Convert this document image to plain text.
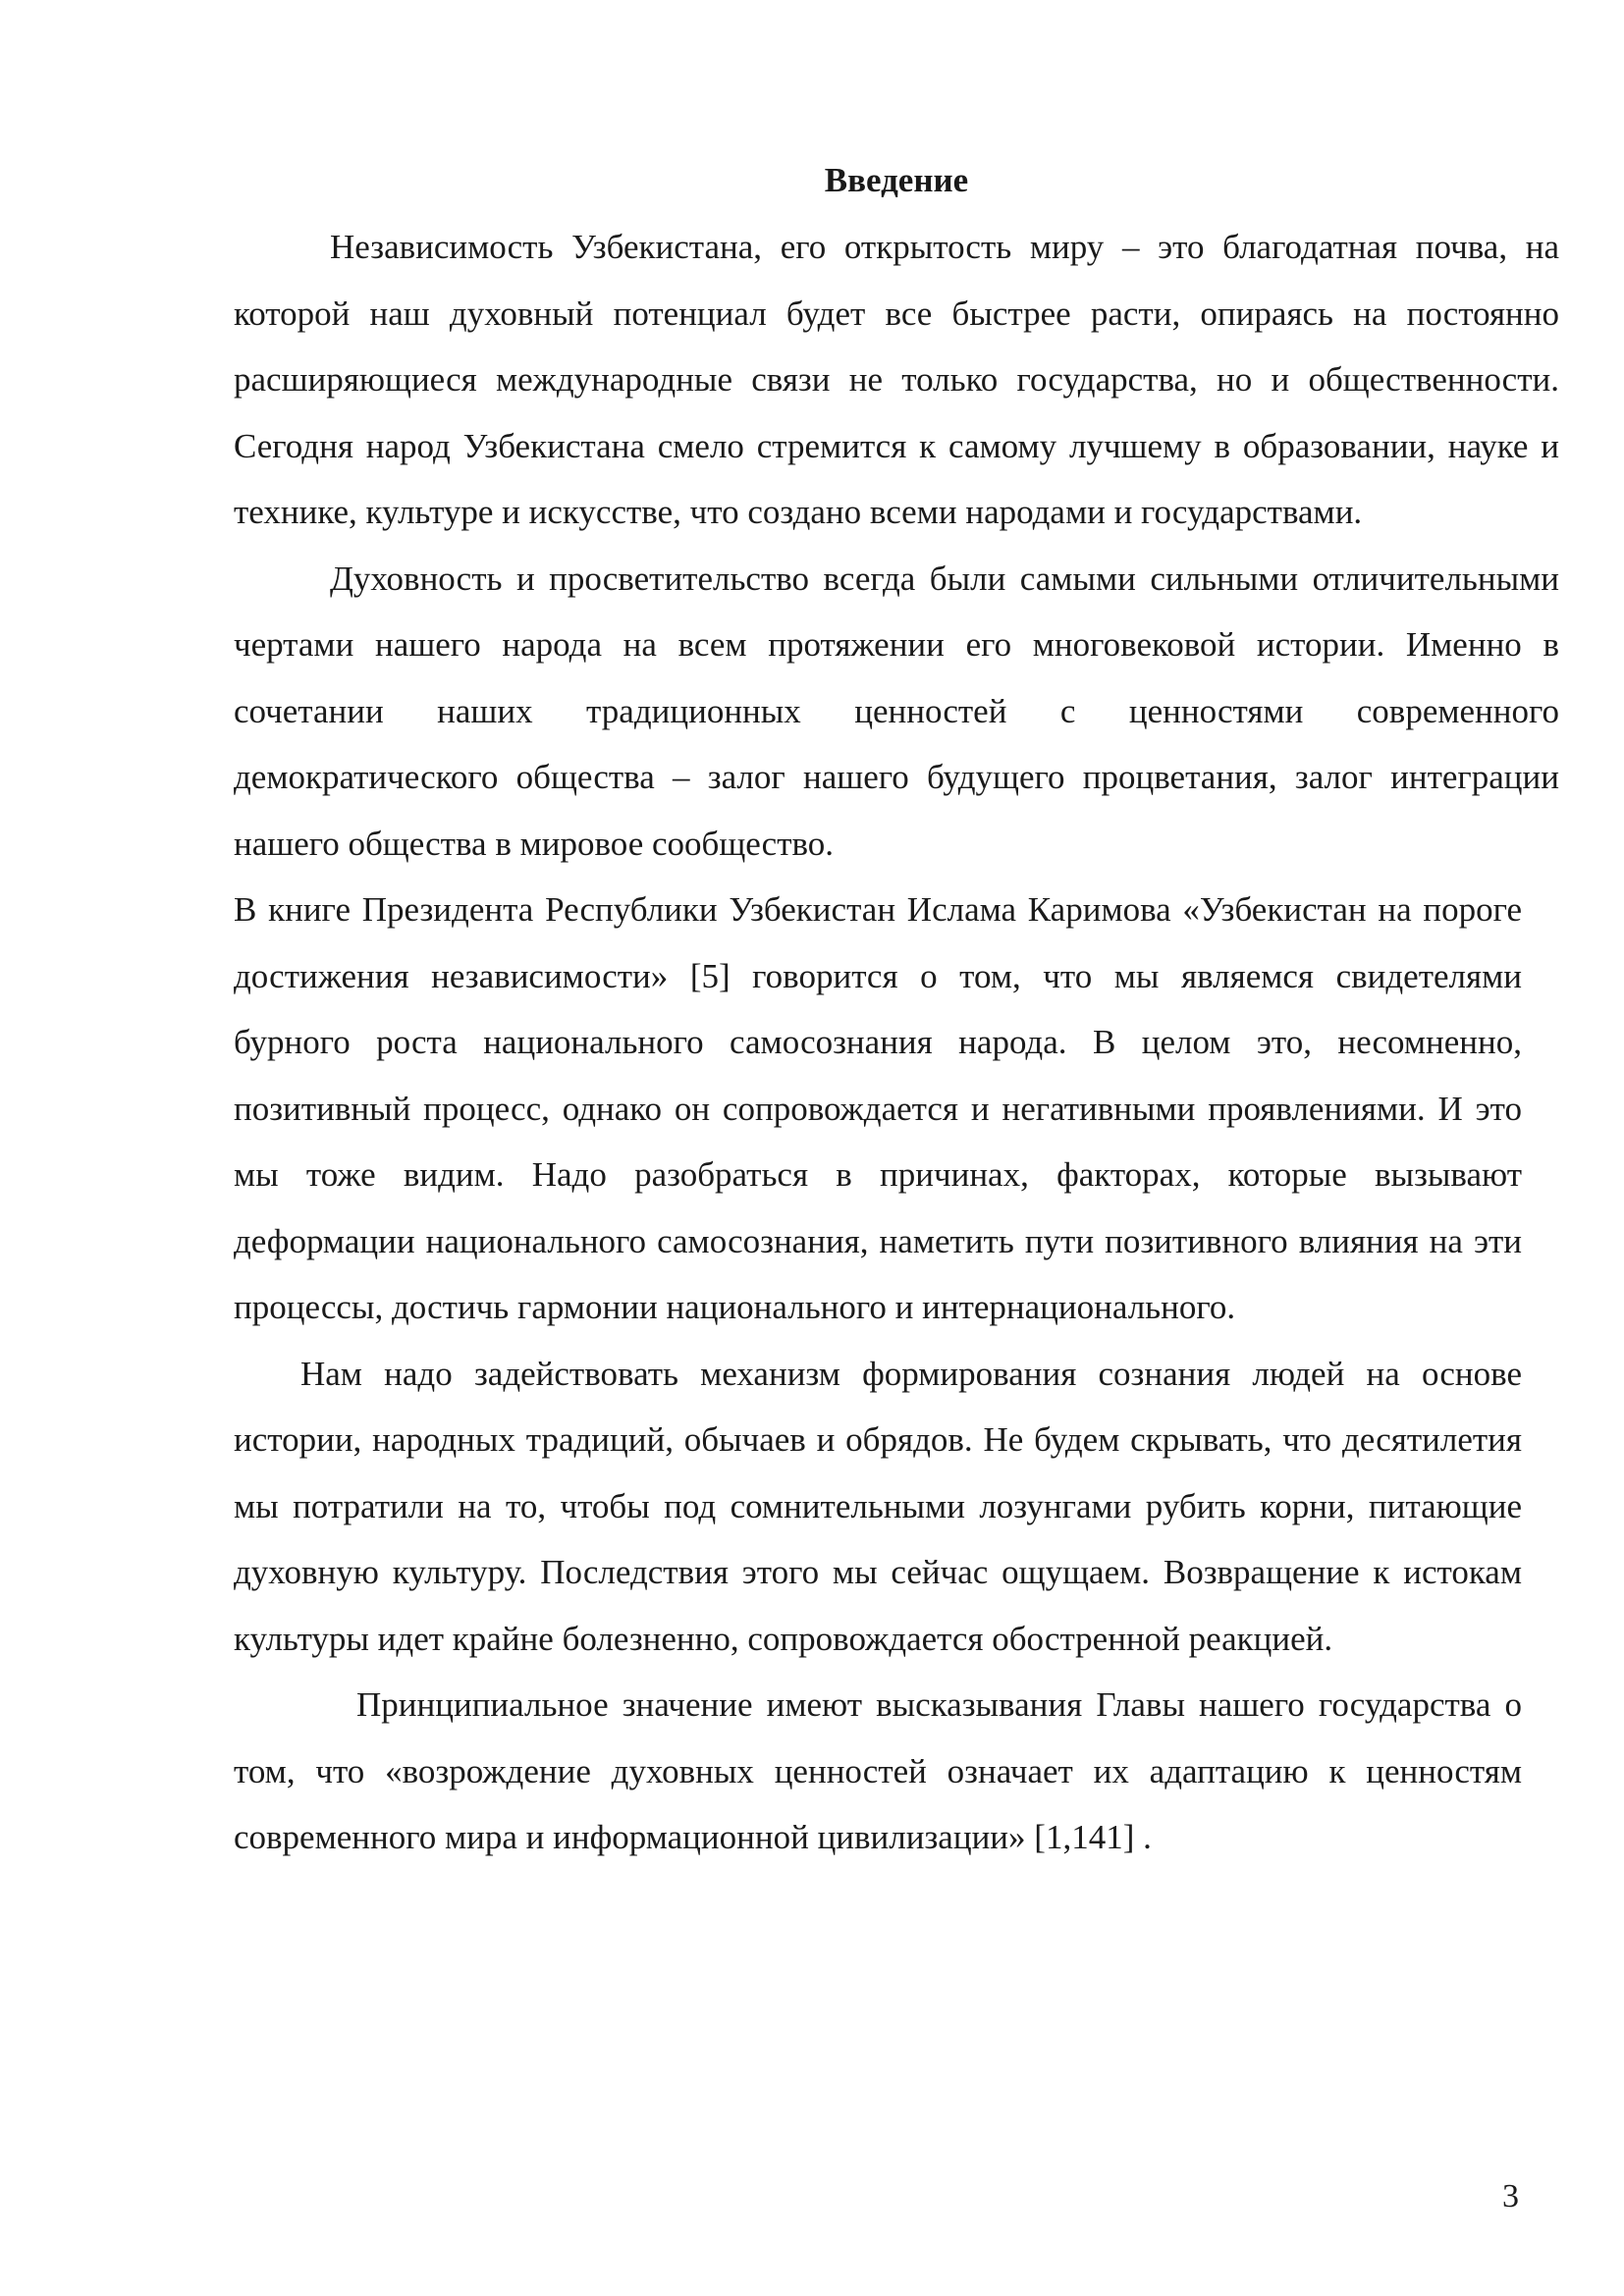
Введение

Независимость Узбекистана, его открытость миру – это благодатная почва, на которой наш духовный потенциал будет все быстрее расти, опираясь на постоянно расширяющиеся международные связи не только государства, но и общественности. Сегодня народ Узбекистана смело стремится к самому лучшему в образовании, науке и технике, культуре и искусстве, что создано всеми народами и государствами.

Духовность и просветительство всегда были самыми сильными отличительными чертами нашего народа на всем протяжении его многовековой истории. Именно в сочетании наших традиционных ценностей с ценностями современного демократического общества – залог нашего будущего процветания, залог интеграции нашего общества в мировое сообщество.

В книге Президента Республики Узбекистан Ислама Каримова «Узбекистан на пороге достижения независимости» [5] говорится о том, что мы являемся свидетелями бурного роста национального самосознания народа. В целом это, несомненно, позитивный процесс, однако он сопровождается и негативными проявлениями. И это мы тоже видим. Надо разобраться в причинах, факторах, которые вызывают деформации национального самосознания, наметить пути позитивного влияния на эти процессы, достичь гармонии национального и интернационального.

Нам надо задействовать механизм формирования сознания людей на основе истории, народных традиций, обычаев и обрядов. Не будем скрывать, что десятилетия мы потратили на то, чтобы под сомнительными лозунгами рубить корни, питающие духовную культуру. Последствия этого мы сейчас ощущаем. Возвращение к истокам культуры идет крайне болезненно, сопровождается обостренной реакцией.

Принципиальное значение имеют высказывания Главы нашего государства о том, что «возрождение духовных ценностей означает их адаптацию к ценностям современного мира и информационной цивилизации» [1,141] .

3
